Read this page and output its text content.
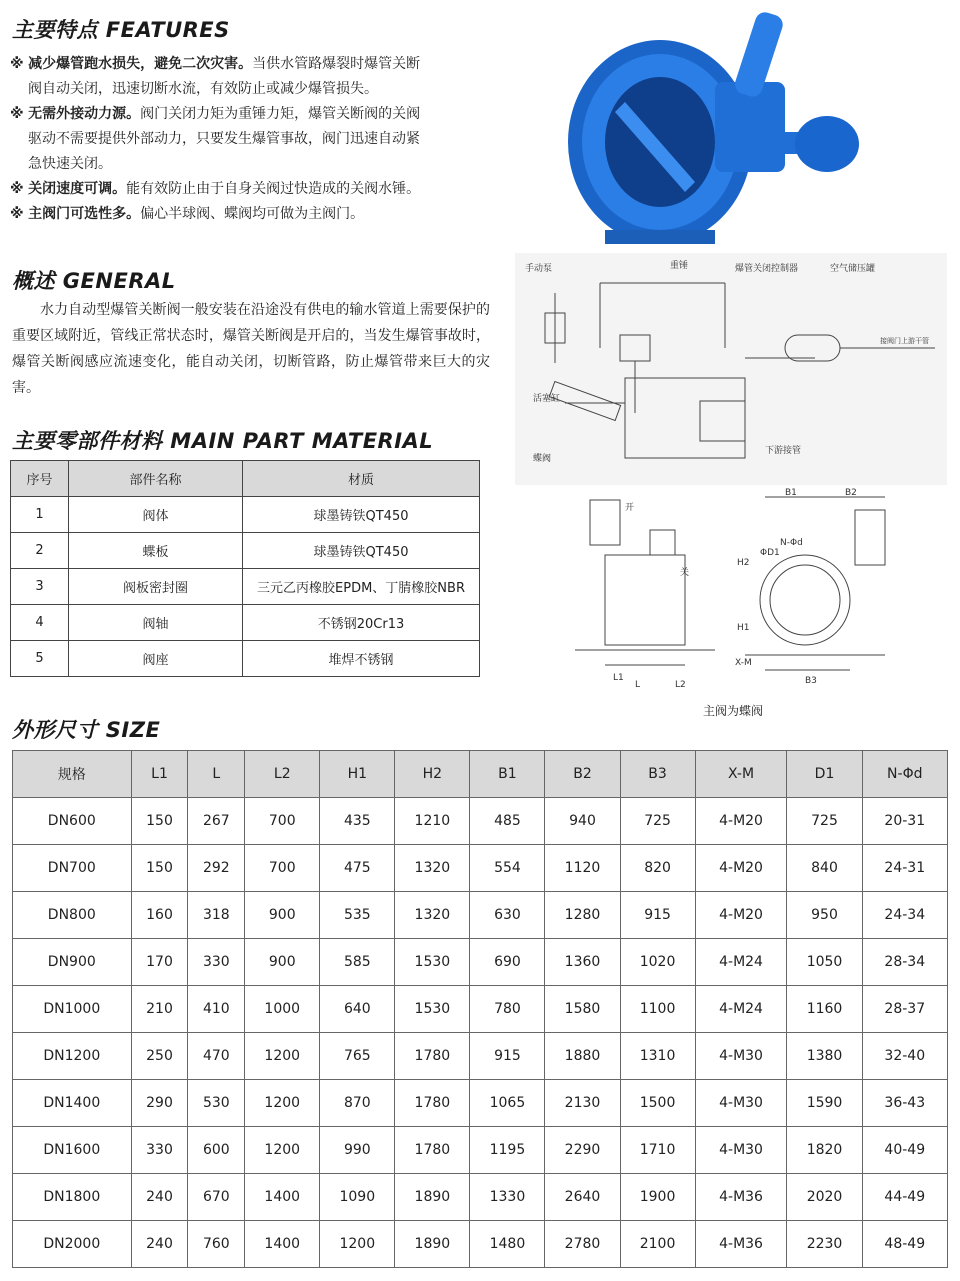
主要特点 FEATURES
概述 GENERAL
主要零部件材料 MAIN PART MATERIAL
外形尺寸 SIZE

※ 减少爆管跑水损失，避免二次灾害。当供水管路爆裂时爆管关断
阀自动关闭，迅速切断水流，有效防止或减少爆管损失。

※ 无需外接动力源。阀门关闭力矩为重锤力矩，爆管关断阀的关阀
驱动不需要提供外部动力，只要发生爆管事故，阀门迅速自动紧
急快速关闭。

※ 关闭速度可调。能有效防止由于自身关阀过快造成的关阀水锤。

※ 主阀门可选性多。偏心半球阀、蝶阀均可做为主阀门。

水力自动型爆管关断阀一般安装在沿途没有供电的输水管道上需要保护的重要区域附近，管线正常状态时，爆管关断阀是开启的，当发生爆管事故时，爆管关断阀感应流速变化，能自动关闭，切断管路，防止爆管带来巨大的灾害。

手动泵	重锤	爆管关闭控制器	空气储压罐
接阀门上游干管
活塞缸
蝶阀
下游接管
开
关
L1
L	L2
B1	B2
H2
H1
N-Φd
ΦD1
X-M
B3
主阀为蝶阀
序号	部件名称	材质
1	阀体	球墨铸铁QT450
2	蝶板	球墨铸铁QT450
3	阀板密封圈	三元乙丙橡胶EPDM、丁腈橡胶NBR
4	阀轴	不锈钢20Cr13
5	阀座	堆焊不锈钢
规格	L1	L	L2	H1	H2	B1	B2	B3	X-M	D1	N-Φd
DN600	150	267	700	435	1210	485	940	725	4-M20	725	20-31
DN700	150	292	700	475	1320	554	1120	820	4-M20	840	24-31
DN800	160	318	900	535	1320	630	1280	915	4-M20	950	24-34
DN900	170	330	900	585	1530	690	1360	1020	4-M24	1050	28-34
DN1000	210	410	1000	640	1530	780	1580	1100	4-M24	1160	28-37
DN1200	250	470	1200	765	1780	915	1880	1310	4-M30	1380	32-40
DN1400	290	530	1200	870	1780	1065	2130	1500	4-M30	1590	36-43
DN1600	330	600	1200	990	1780	1195	2290	1710	4-M30	1820	40-49
DN1800	240	670	1400	1090	1890	1330	2640	1900	4-M36	2020	44-49
DN2000	240	760	1400	1200	1890	1480	2780	2100	4-M36	2230	48-49
